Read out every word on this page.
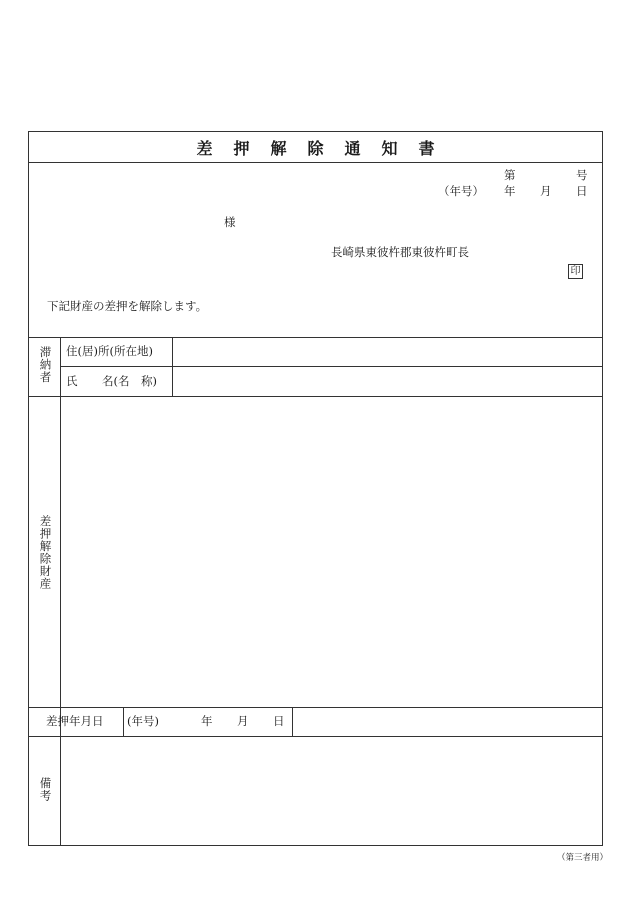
差押解除通知書
第	号
（年号） 年 月 日
様
長崎県東彼杵郡東彼杵町長
印
下記財産の差押を解除します。
滞納者 住(居)所(所在地)
氏 名(名　称)
差押解除財産
差押年月日 (年号)	年 月 日
備考
（第三者用）
